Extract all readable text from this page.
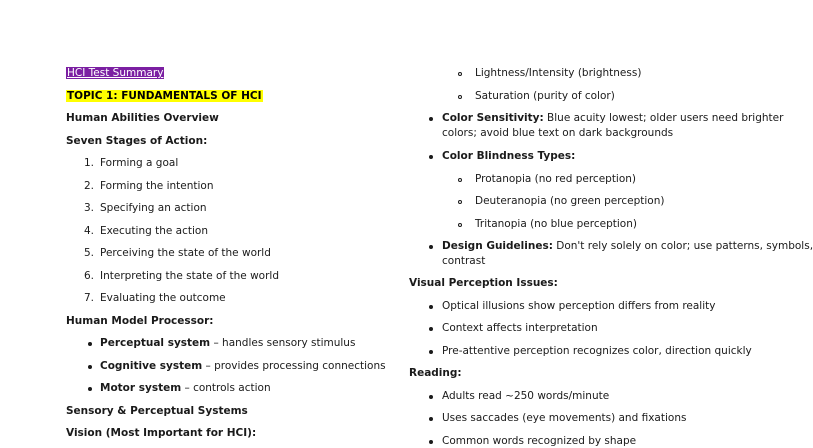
HCI Test Summary
TOPIC 1: FUNDAMENTALS OF HCI
Human Abilities Overview
Seven Stages of Action:
1. Forming a goal
2. Forming the intention
3. Specifying an action
4. Executing the action
5. Perceiving the state of the world
6. Interpreting the state of the world
7. Evaluating the outcome
Human Model Processor:
Perceptual system – handles sensory stimulus
Cognitive system – provides processing connections
Motor system – controls action
Sensory & Perceptual Systems
Vision (Most Important for HCI):
Lightness/Intensity (brightness)
Saturation (purity of color)
Color Sensitivity: Blue acuity lowest; older users need brighter
colors; avoid blue text on dark backgrounds
Color Blindness Types:
Protanopia (no red perception)
Deuteranopia (no green perception)
Tritanopia (no blue perception)
Design Guidelines: Don't rely solely on color; use patterns, symbols,
contrast
Visual Perception Issues:
Optical illusions show perception differs from reality
Context affects interpretation
Pre-attentive perception recognizes color, direction quickly
Reading:
Adults read ~250 words/minute
Uses saccades (eye movements) and fixations
Common words recognized by shape
